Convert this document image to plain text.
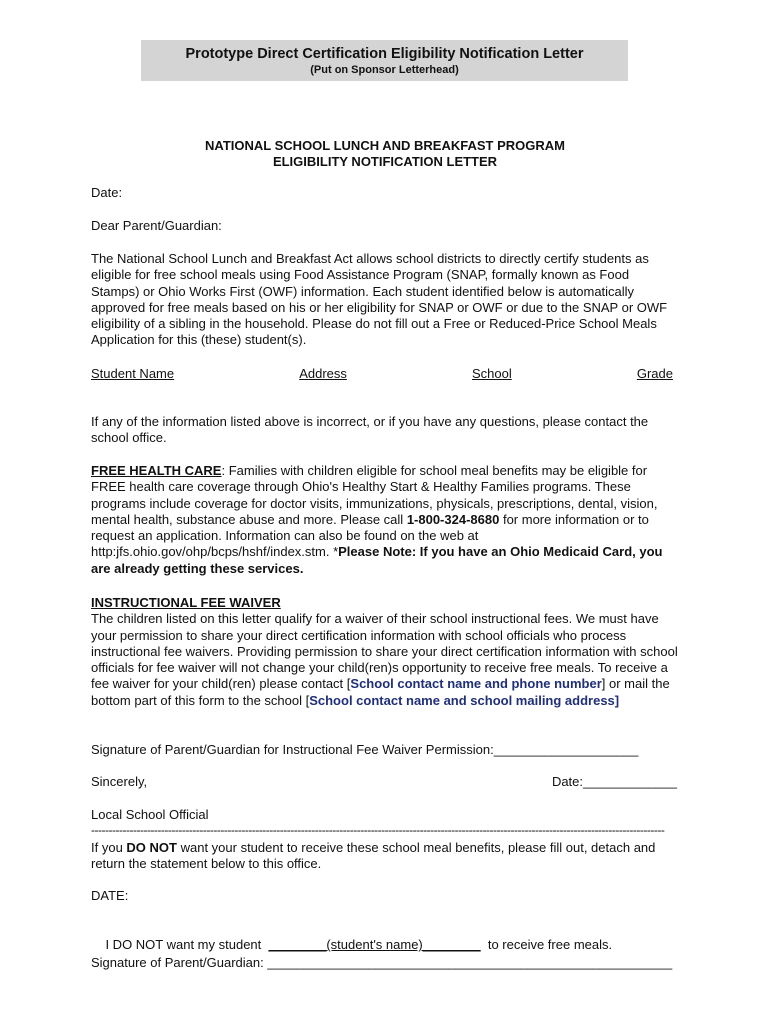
Prototype Direct Certification Eligibility Notification Letter
(Put on Sponsor Letterhead)
NATIONAL SCHOOL LUNCH AND BREAKFAST PROGRAM
ELIGIBILITY NOTIFICATION LETTER
Date:
Dear Parent/Guardian:
The National School Lunch and Breakfast Act allows school districts to directly certify students as eligible for free school meals using Food Assistance Program (SNAP, formally known as Food Stamps) or Ohio Works First (OWF) information. Each student identified below is automatically approved for free meals based on his or her eligibility for SNAP or OWF or due to the SNAP or OWF eligibility of a sibling in the household. Please do not fill out a Free or Reduced-Price School Meals Application for this (these) student(s).
Student Name	Address	School	Grade
If any of the information listed above is incorrect, or if you have any questions, please contact the school office.
FREE HEALTH CARE: Families with children eligible for school meal benefits may be eligible for FREE health care coverage through Ohio's Healthy Start & Healthy Families programs. These programs include coverage for doctor visits, immunizations, physicals, prescriptions, dental, vision, mental health, substance abuse and more. Please call 1-800-324-8680 for more information or to request an application. Information can also be found on the web at http:jfs.ohio.gov/ohp/bcps/hshf/index.stm. *Please Note: If you have an Ohio Medicaid Card, you are already getting these services.
INSTRUCTIONAL FEE WAIVER
The children listed on this letter qualify for a waiver of their school instructional fees. We must have your permission to share your direct certification information with school officials who process instructional fee waivers. Providing permission to share your direct certification information with school officials for fee waiver will not change your child(ren)s opportunity to receive free meals. To receive a fee waiver for your child(ren) please contact [School contact name and phone number] or mail the bottom part of this form to the school [School contact name and school mailing address]
Signature of Parent/Guardian for Instructional Fee Waiver Permission:____________________
Sincerely,	Date:_____________
Local School Official
--------------------------------------------------------------------------------------------------------------------------------------------------------------------
If you DO NOT want your student to receive these school meal benefits, please fill out, detach and return the statement below to this office.
DATE:

I DO NOT want my student  ________(student's name)________  to receive free meals.

Signature of Parent/Guardian: ________________________________________________________
